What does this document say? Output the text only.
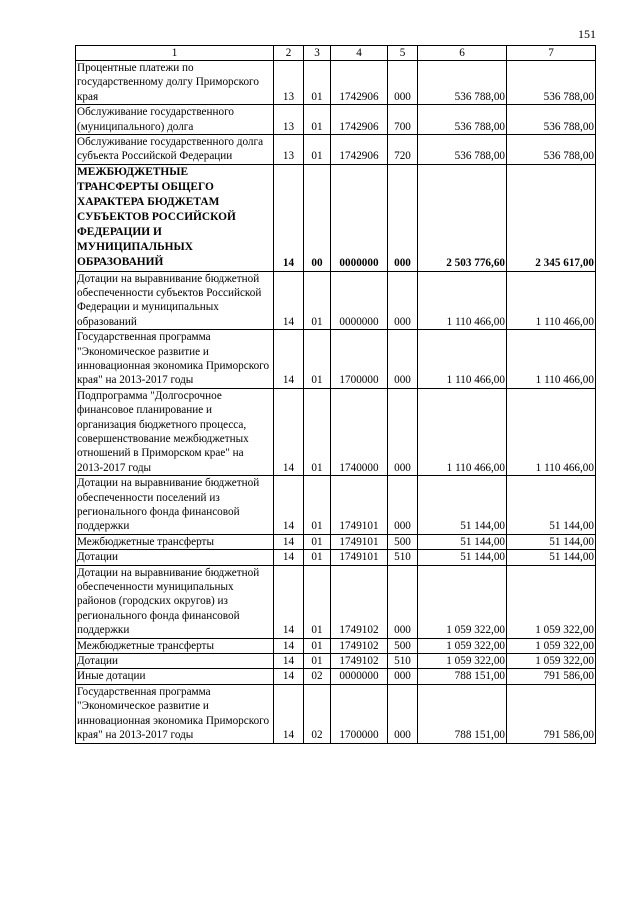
151
1	2	3	4	5	6	7
Процентные платежи по государственному долгу Приморского края	13	01	1742906	000	536 788,00	536 788,00
Обслуживание государственного (муниципального) долга	13	01	1742906	700	536 788,00	536 788,00
Обслуживание государственного долга субъекта Российской Федерации	13	01	1742906	720	536 788,00	536 788,00
МЕЖБЮДЖЕТНЫЕ ТРАНСФЕРТЫ ОБЩЕГО ХАРАКТЕРА БЮДЖЕТАМ СУБЪЕКТОВ РОССИЙСКОЙ ФЕДЕРАЦИИ И МУНИЦИПАЛЬНЫХ ОБРАЗОВАНИЙ	14	00	0000000	000	2 503 776,60	2 345 617,00
Дотации на выравнивание бюджетной обеспеченности субъектов Российской Федерации и муниципальных образований	14	01	0000000	000	1 110 466,00	1 110 466,00
Государственная программа "Экономическое развитие и инновационная экономика Приморского края" на 2013-2017 годы	14	01	1700000	000	1 110 466,00	1 110 466,00
Подпрограмма "Долгосрочное финансовое планирование и организация бюджетного процесса, совершенствование межбюджетных отношений в Приморском крае" на 2013-2017 годы	14	01	1740000	000	1 110 466,00	1 110 466,00
Дотации на выравнивание бюджетной обеспеченности поселений из регионального фонда финансовой поддержки	14	01	1749101	000	51 144,00	51 144,00
Межбюджетные трансферты	14	01	1749101	500	51 144,00	51 144,00
Дотации	14	01	1749101	510	51 144,00	51 144,00
Дотации на выравнивание бюджетной обеспеченности муниципальных районов (городских округов) из регионального фонда финансовой поддержки	14	01	1749102	000	1 059 322,00	1 059 322,00
Межбюджетные трансферты	14	01	1749102	500	1 059 322,00	1 059 322,00
Дотации	14	01	1749102	510	1 059 322,00	1 059 322,00
Иные дотации	14	02	0000000	000	788 151,00	791 586,00
Государственная программа "Экономическое развитие и инновационная экономика Приморского края" на 2013-2017 годы	14	02	1700000	000	788 151,00	791 586,00
